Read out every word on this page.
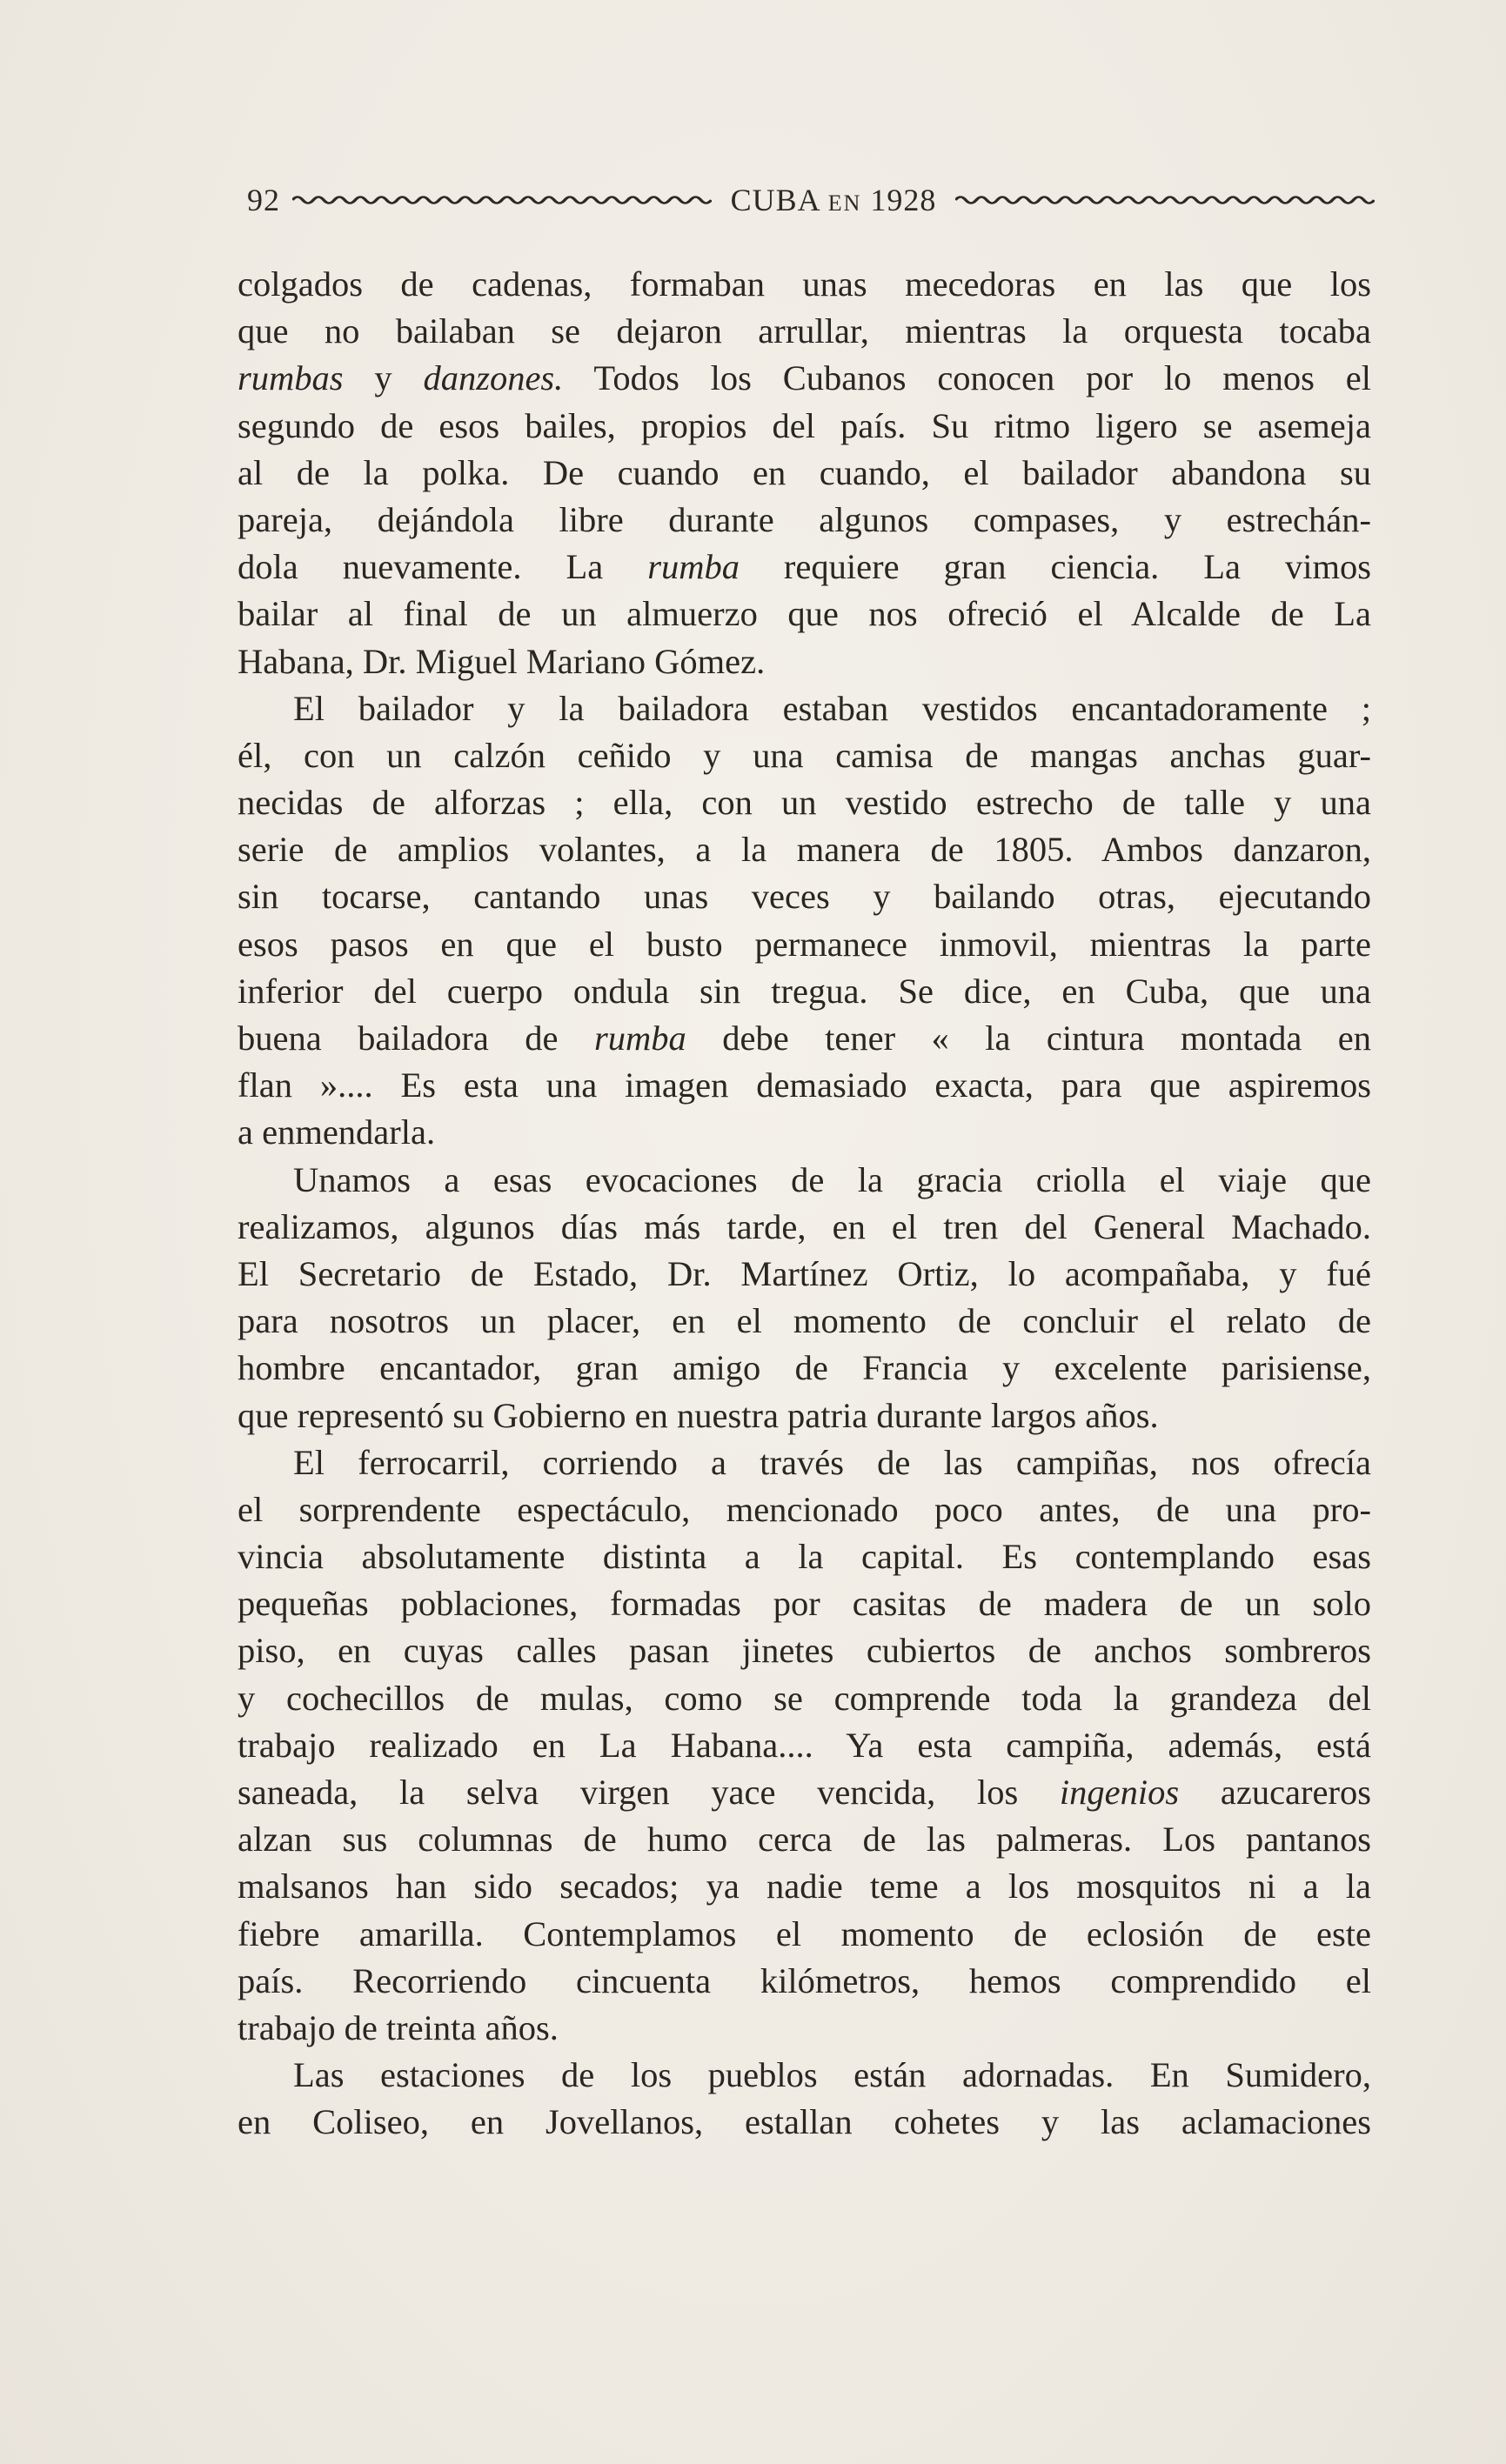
92	CUBA EN 1928
colgados de cadenas, formaban unas mecedoras en las que los
que no bailaban se dejaron arrullar, mientras la orquesta tocaba
rumbas y danzones. Todos los Cubanos conocen por lo menos el
segundo de esos bailes, propios del país. Su ritmo ligero se asemeja
al de la polka. De cuando en cuando, el bailador abandona su
pareja, dejándola libre durante algunos compases, y estrechán-
dola nuevamente. La rumba requiere gran ciencia. La vimos
bailar al final de un almuerzo que nos ofreció el Alcalde de La
Habana, Dr. Miguel Mariano Gómez.
El bailador y la bailadora estaban vestidos encantadoramente ;
él, con un calzón ceñido y una camisa de mangas anchas guar-
necidas de alforzas ; ella, con un vestido estrecho de talle y una
serie de amplios volantes, a la manera de 1805. Ambos danzaron,
sin tocarse, cantando unas veces y bailando otras, ejecutando
esos pasos en que el busto permanece inmovil, mientras la parte
inferior del cuerpo ondula sin tregua. Se dice, en Cuba, que una
buena bailadora de rumba debe tener « la cintura montada en
flan ».... Es esta una imagen demasiado exacta, para que aspiremos
a enmendarla.
Unamos a esas evocaciones de la gracia criolla el viaje que
realizamos, algunos días más tarde, en el tren del General Machado.
El Secretario de Estado, Dr. Martínez Ortiz, lo acompañaba, y fué
para nosotros un placer, en el momento de concluir el relato de
hombre encantador, gran amigo de Francia y excelente parisiense,
que representó su Gobierno en nuestra patria durante largos años.
El ferrocarril, corriendo a través de las campiñas, nos ofrecía
el sorprendente espectáculo, mencionado poco antes, de una pro-
vincia absolutamente distinta a la capital. Es contemplando esas
pequeñas poblaciones, formadas por casitas de madera de un solo
piso, en cuyas calles pasan jinetes cubiertos de anchos sombreros
y cochecillos de mulas, como se comprende toda la grandeza del
trabajo realizado en La Habana.... Ya esta campiña, además, está
saneada, la selva virgen yace vencida, los ingenios azucareros
alzan sus columnas de humo cerca de las palmeras. Los pantanos
malsanos han sido secados; ya nadie teme a los mosquitos ni a la
fiebre amarilla. Contemplamos el momento de eclosión de este
país. Recorriendo cincuenta kilómetros, hemos comprendido el
trabajo de treinta años.
Las estaciones de los pueblos están adornadas. En Sumidero,
en Coliseo, en Jovellanos, estallan cohetes y las aclamaciones
